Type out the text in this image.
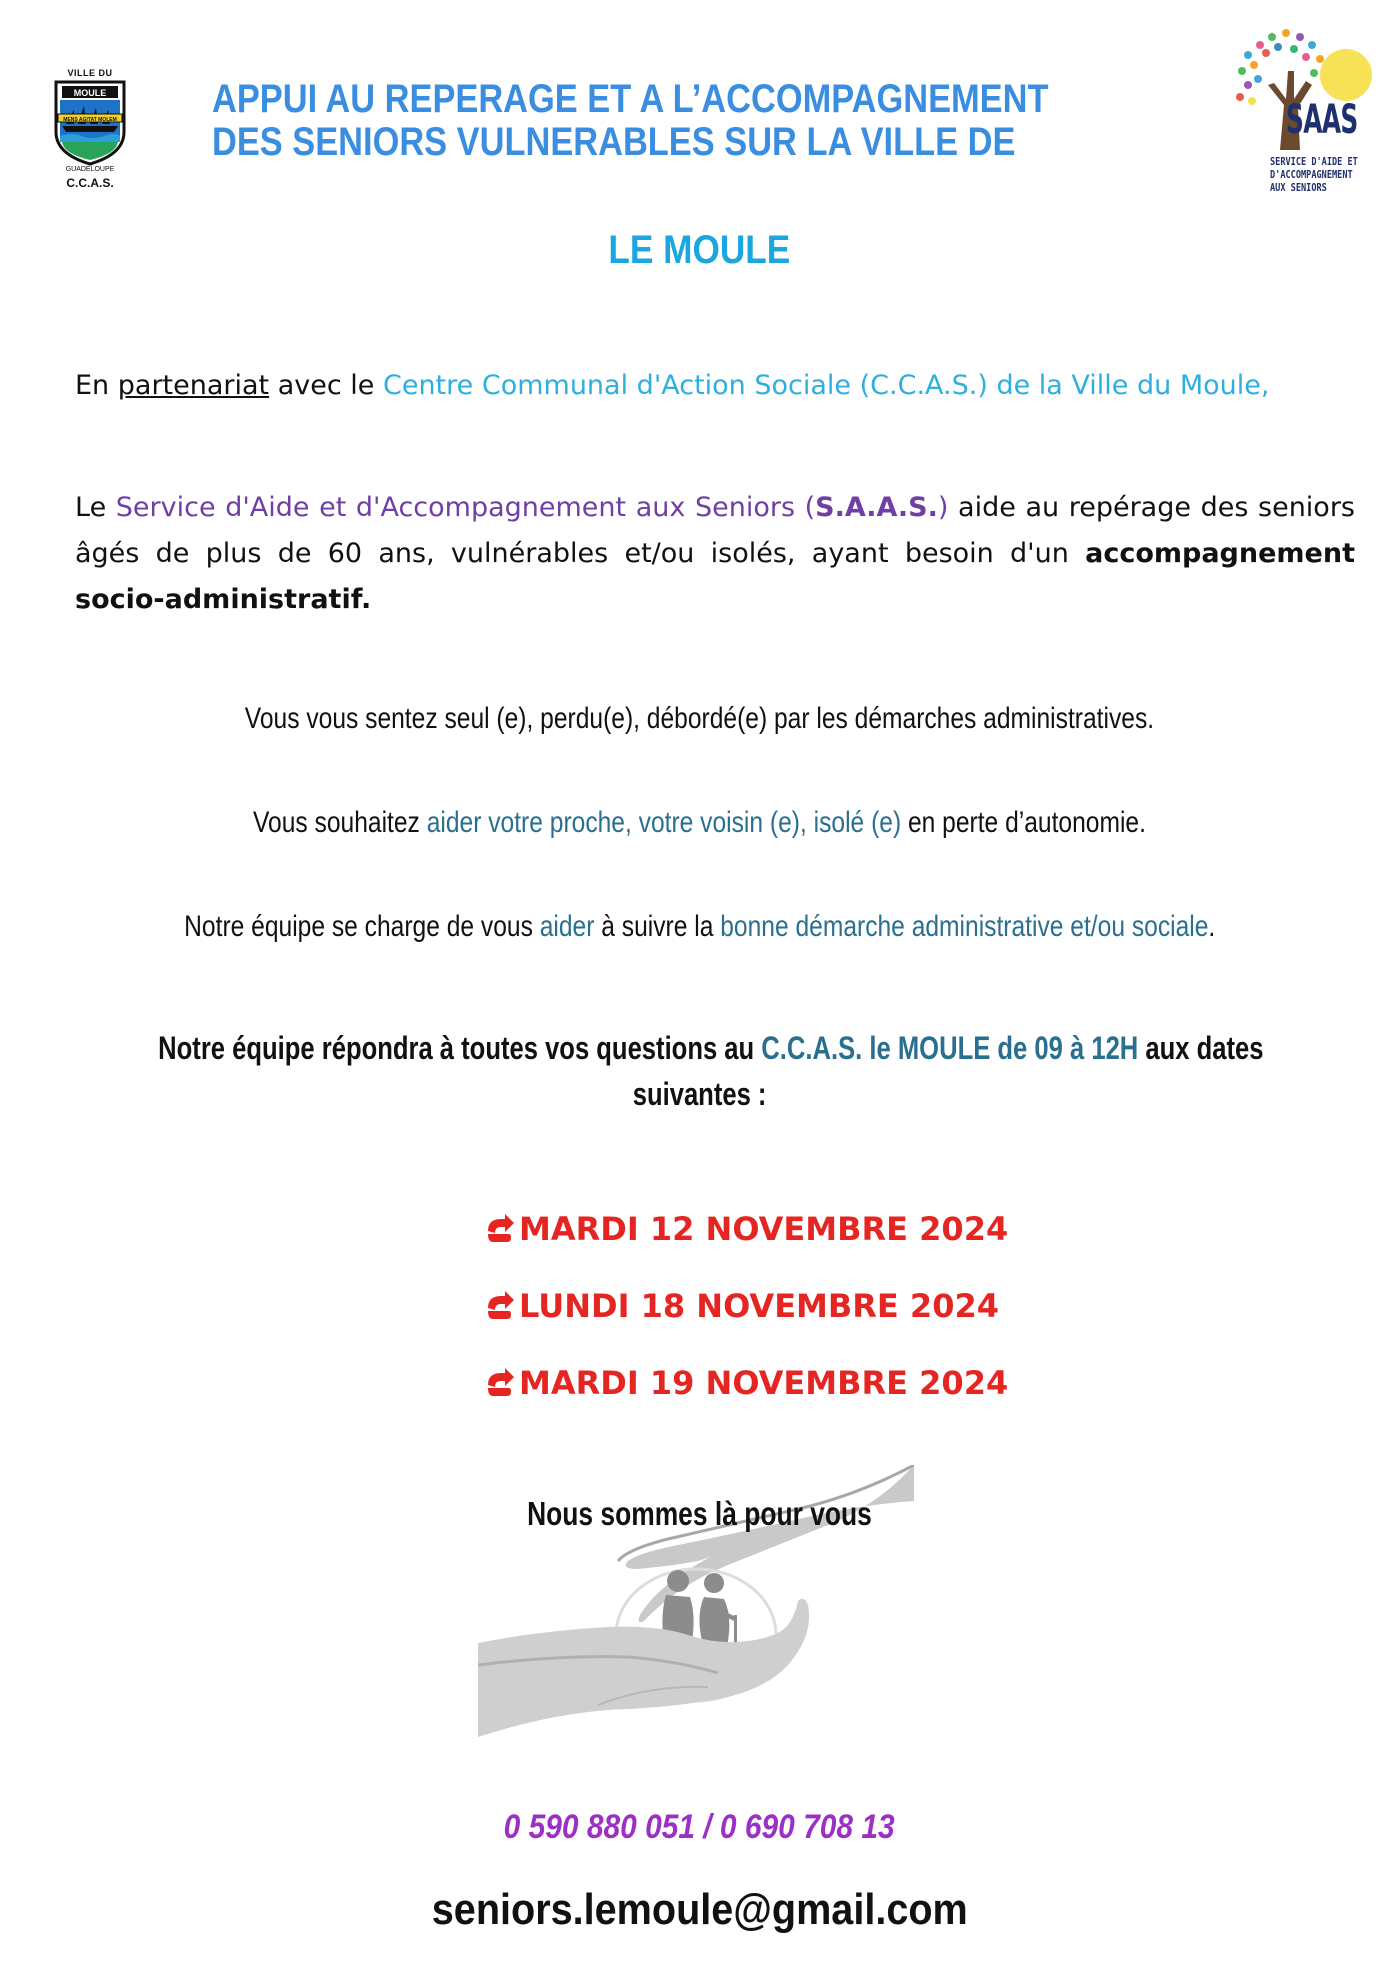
VILLE DU
MOULE
MENS AGITAT MOLEM
GUADELOUPE
C.C.A.S.
SAAS
SERVICE D'AIDE ET
D'ACCOMPAGNEMENT
AUX SENIORS
APPUI AU REPERAGE ET A L’ACCOMPAGNEMENT
DES SENIORS VULNERABLES SUR LA VILLE DE
LE MOULE

En partenariat avec le Centre Communal d'Action Sociale (C.C.A.S.) de la Ville du Moule,

Le Service d'Aide et d'Accompagnement aux Seniors (S.A.A.S.) aide au repérage des seniors âgés de plus de 60 ans, vulnérables et/ou isolés, ayant besoin d'un accompagnement socio-administratif.

Vous vous sentez seul (e), perdu(e), débordé(e) par les démarches administratives.

Vous souhaitez aider votre proche, votre voisin (e), isolé (e) en perte d’autonomie.

Notre équipe se charge de vous aider à suivre la bonne démarche administrative et/ou sociale.

Notre équipe répondra à toutes vos questions au C.C.A.S. le MOULE de 09 à 12H aux dates
suivantes :

MARDI 12 NOVEMBRE 2024
LUNDI 18 NOVEMBRE 2024
MARDI 19 NOVEMBRE 2024

Nous sommes là pour vous

0 590 880 051 / 0 690 708 13

seniors.lemoule@gmail.com
